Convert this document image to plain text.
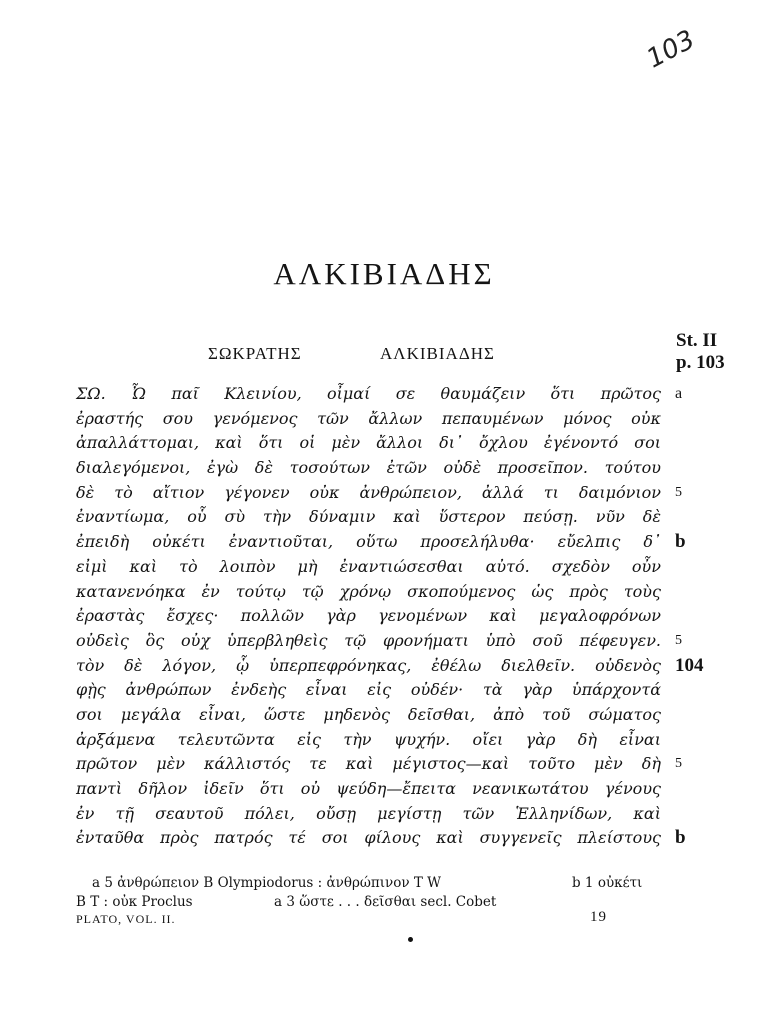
103
ΑΛΚΙΒΙΑΔΗΣ
St. II
p. 103
ΣΩΚΡΑΤΗΣ	ΑΛΚΙΒΙΑΔΗΣ
ΣΩ. Ὦ παῖ Κλεινίου, οἶμαί σε θαυμάζειν ὅτι πρῶτος a
ἐραστής σου γενόμενος τῶν ἄλλων πεπαυμένων μόνος οὐκ
ἀπαλλάττομαι, καὶ ὅτι οἱ μὲν ἄλλοι δι᾽ ὄχλου ἐγένοντό σοι
διαλεγόμενοι, ἐγὼ δὲ τοσούτων ἐτῶν οὐδὲ προσεῖπον. τούτου
δὲ τὸ αἴτιον γέγονεν οὐκ ἀνθρώπειον, ἀλλά τι δαιμόνιον 5
ἐναντίωμα, οὗ σὺ τὴν δύναμιν καὶ ὕστερον πεύσῃ. νῦν δὲ
ἐπειδὴ οὐκέτι ἐναντιοῦται, οὕτω προσελήλυθα· εὔελπις δ᾽ b
εἰμὶ καὶ τὸ λοιπὸν μὴ ἐναντιώσεσθαι αὐτό. σχεδὸν οὖν
κατανενόηκα ἐν τούτῳ τῷ χρόνῳ σκοπούμενος ὡς πρὸς τοὺς
ἐραστὰς ἔσχες· πολλῶν γὰρ γενομένων καὶ μεγαλοφρόνων
οὐδεὶς ὃς οὐχ ὑπερβληθεὶς τῷ φρονήματι ὑπὸ σοῦ πέφευγεν. 5
τὸν δὲ λόγον, ᾧ ὑπερπεφρόνηκας, ἐθέλω διελθεῖν. οὐδενὸς 104
φῂς ἀνθρώπων ἐνδεὴς εἶναι εἰς οὐδέν· τὰ γὰρ ὑπάρχοντά
σοι μεγάλα εἶναι, ὥστε μηδενὸς δεῖσθαι, ἀπὸ τοῦ σώματος
ἀρξάμενα τελευτῶντα εἰς τὴν ψυχήν. οἴει γὰρ δὴ εἶναι
πρῶτον μὲν κάλλιστός τε καὶ μέγιστος—καὶ τοῦτο μὲν δὴ 5
παντὶ δῆλον ἰδεῖν ὅτι οὐ ψεύδη—ἔπειτα νεανικωτάτου γένους
ἐν τῇ σεαυτοῦ πόλει, οὔσῃ μεγίστῃ τῶν Ἑλληνίδων, καὶ
ἐνταῦθα πρὸς πατρός τέ σοι φίλους καὶ συγγενεῖς πλείστους b
a 5 ἀνθρώπειον B Olympiodorus : ἀνθρώπινον T W	b 1 οὐκέτι
B T : οὐκ Proclus	a 3 ὥστε . . . δεῖσθαι secl. Cobet
PLATO, VOL. II.	19
